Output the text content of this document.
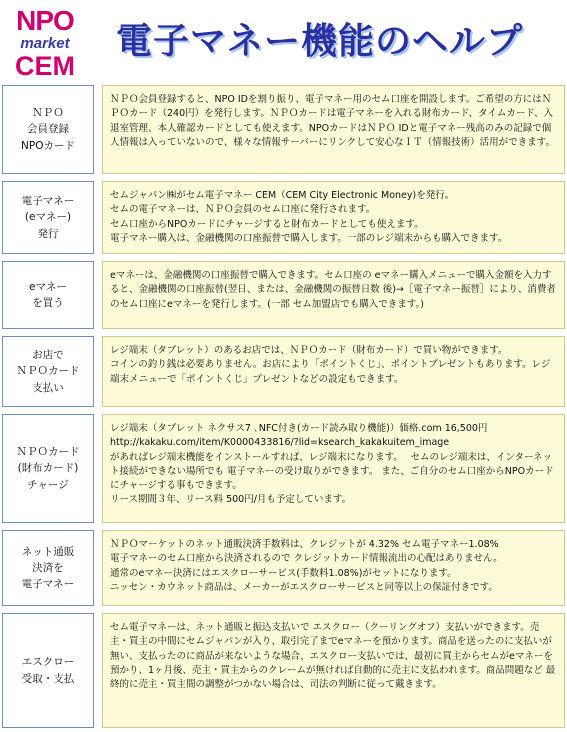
NPO
market
CEM
電子マネー機能のヘルプ
ＮＰＯ
会員登録
NPOカード
ＮＰＯ会員登録すると、NPO IDを割り振り、電子マネー用のセム口座を開設します。ご希望の方にはＮＰＯカード（240円）を発行します。ＮＰＯカードは電子マネーを入れる財布カード、タイムカード、入退室管理、本人確認カードとしても使えます。NPOカードはＮＰＯ IDと電子マネー残高のみの記録で個人情報は入っていないので、様々な情報サーバーにリンクして安心なＩＴ（情報技術）活用ができます。
電子マネー
(eマネー)
発行
セムジャパン㈱がセム電子マネー CEM（CEM City Electronic Money)を発行。
セムの電子マネーは、ＮＰＯ会員のセム口座に発行されます。
セム口座からNPOカードにチャージすると財布カードとしても使えます。
電子マネー購入は、金融機関の口座振替で購入します。一部のレジ端末からも購入できます。
eマネー
を買う
eマネーは、金融機関の口座振替で購入できます。セム口座の eマネー購入メニューで購入金額を入力すると、金融機関の口座振替(翌日、または、金融機関の振替日数 後)→［電子マネー振替］により、消費者のセム口座にeマネーを発行します。(一部 セム加盟店でも購入できます。)
お店で
ＮＰＯカード
支払い
レジ端末（タブレット）のあるお店では、ＮＰＯカード（財布カード）で買い物ができます。
コインの釣り銭は必要ありません。お店により「ポイントくじ」、ポイントプレゼントもあります。レジ端末メニューで「ポイントくじ」プレゼントなどの設定もできます。
ＮＰＯカード
(財布カード)
チャージ
レジ端末（タブレット ネクサス7 ､NFC付き(カード読み取り機能)）価格.com 16,500円
http://kakaku.com/item/K0000433816/?lid=ksearch_kakakuitem_image
があればレジ端末機能をインストールすれば、レジ端末になります。　 セムのレジ端末は、インターネット接続ができない場所でも 電子マネーの受け取りができます。 また、ご自分のセム口座からNPOカードにチャージする事もできます。
リース期間３年、リース料 500円/月も予定しています。
ネット通販
決済を
電子マネー
ＮＰＯマーケットのネット通販決済手数料は、クレジットが 4.32% セム電子マネー1.08%
電子マネーのセム口座から決済されるので クレジットカード情報流出の心配はありません。
通常のeマネー決済にはエスクローサービス(手数料1.08%)がセットになります。
ニッセン・カウネット商品は、メーカーがエスクローサービスと同等以上の保証付きです。
エスクロー
受取・支払
セム電子マネーは、ネット通販と振込支払いで エスクロー（クーリングオフ）支払いができます。売主・買主の中間にセムジャパンが入り、取引完了までeマネーを預かります。商品を送ったのに支払いが無い、支払ったのに商品が来ないような場合、エスクロー支払いでは、最初に買主からセムがeマネーを預かり、1ヶ月後、売主・買主からのクレームが無ければ自動的に売主に支払われます。商品問題など 最終的に売主・買主間の調整がつかない場合は、司法の判断に従って戴きます。
